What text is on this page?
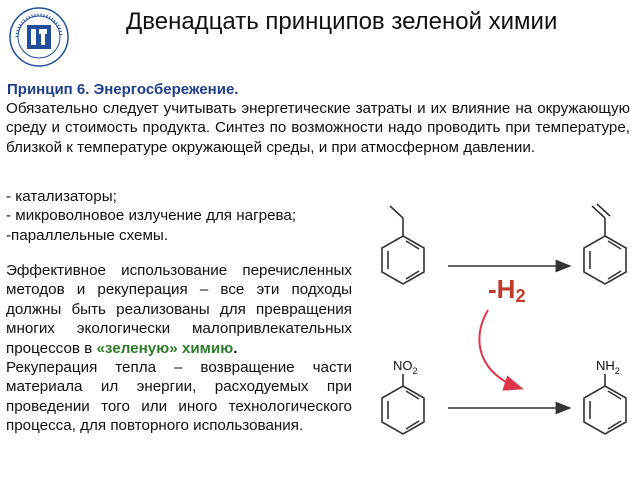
Двенадцать принципов зеленой химии
Принцип 6. Энергосбережение.

Обязательно следует учитывать энергетические затраты и их влияние на окружающую среду и стоимость продукта. Синтез по возможности надо проводить при температуре, близкой к температуре окружающей среды, и при атмосферном давлении.

- катализаторы;
- микроволновое излучение для нагрева;
-параллельные схемы.

Эффективное использование перечисленных методов и рекуперация – все эти подходы должны быть реализованы для превращения многих экологически малопривлекательных процессов в «зеленую» химию.

Рекуперация тепла – возвращение части материала ил энергии, расходуемых при проведении того или иного технологического процесса, для повторного использования.

-H2
$NO_2$	$NH_2$
